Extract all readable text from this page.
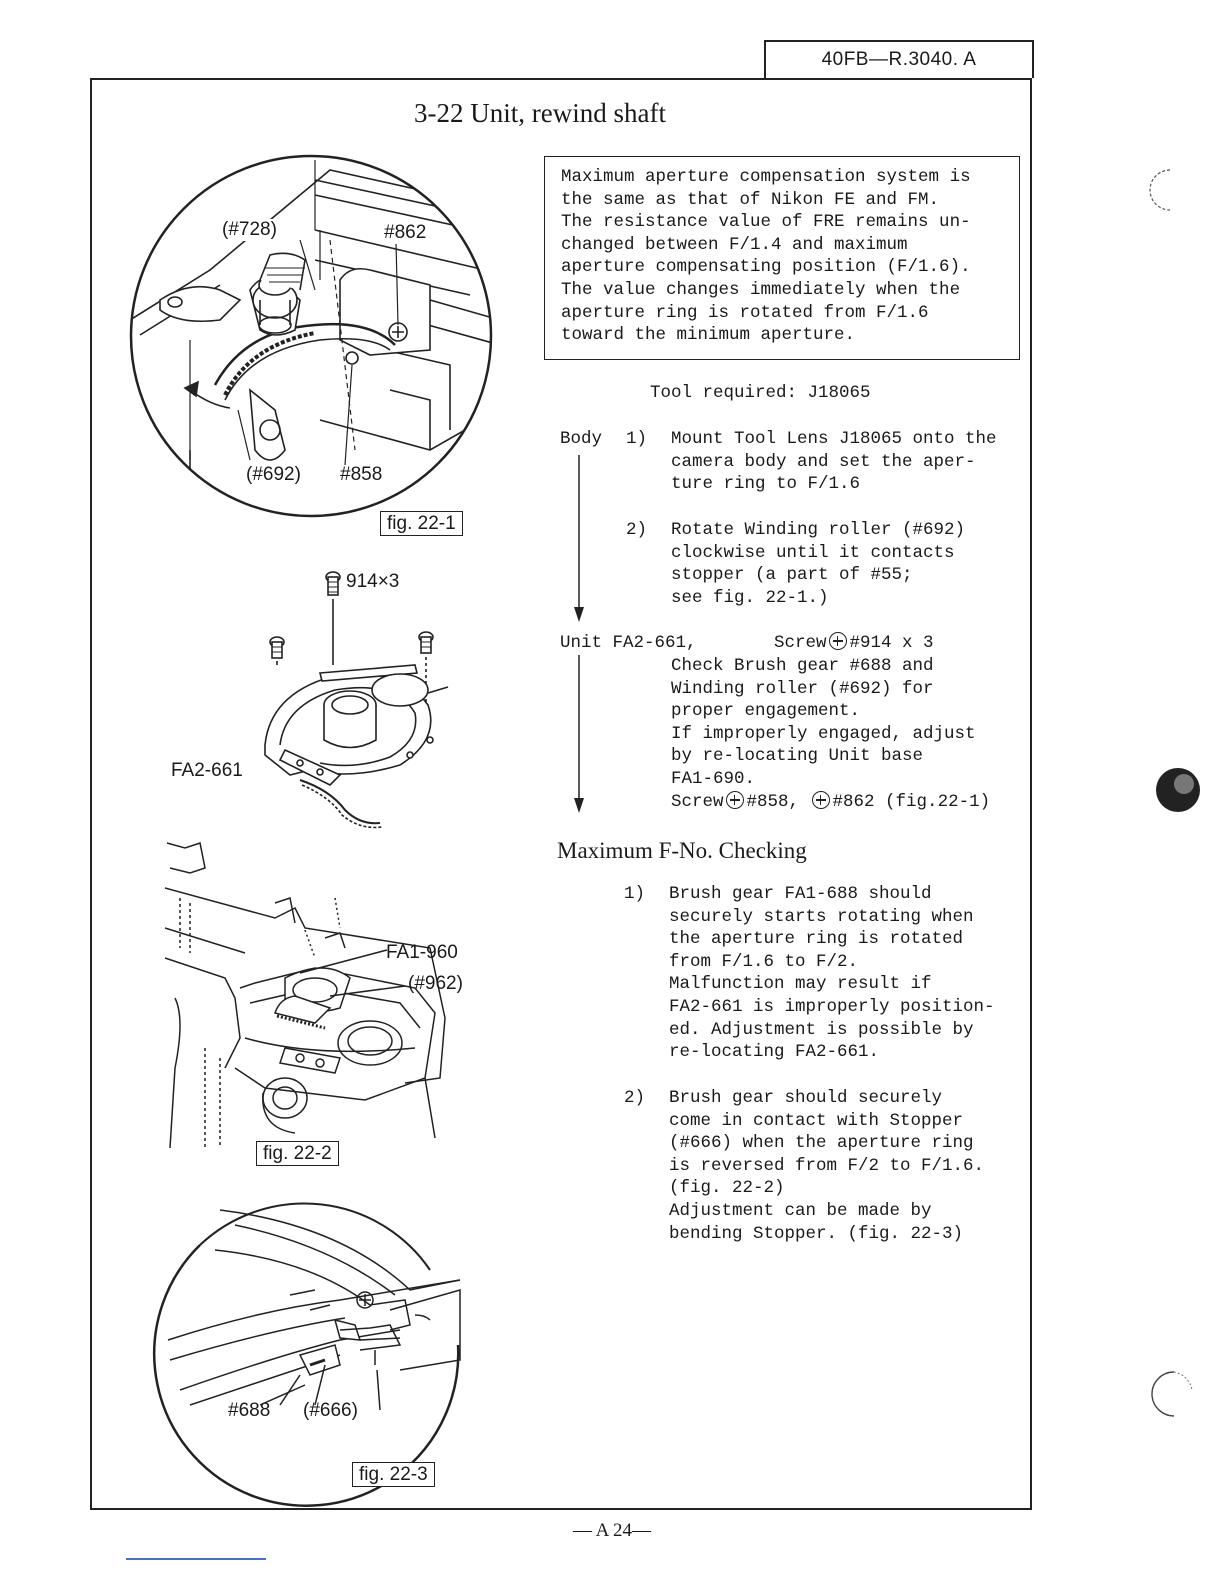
40FB—R.3040. A
3-22 Unit, rewind shaft
Maximum aperture compensation system is
the same as that of Nikon FE and FM.
The resistance value of FRE remains un-
changed between F/1.4 and maximum
aperture compensating position (F/1.6).
The value changes immediately when the
aperture ring is rotated from F/1.6
toward the minimum aperture.
Tool required: J18065
Body 1) Mount Tool Lens J18065 onto the
camera body and set the aper-
ture ring to F/1.6
2) Rotate Winding roller (#692)
clockwise until it contacts
stopper (a part of #55;
see fig. 22-1.)
Unit FA2-661,	Screw #914 x 3
Check Brush gear #688 and
Winding roller (#692) for
proper engagement.
If improperly engaged, adjust
by re-locating Unit base
FA1-690.
Screw #858, #862 (fig.22-1)
Maximum F-No. Checking
1) Brush gear FA1-688 should
securely starts rotating when
the aperture ring is rotated
from F/1.6 to F/2.
Malfunction may result if
FA2-661 is improperly position-
ed. Adjustment is possible by
re-locating FA2-661.
2) Brush gear should securely
come in contact with Stopper
(#666) when the aperture ring
is reversed from F/2 to F/1.6.
(fig. 22-2)
Adjustment can be made by
bending Stopper. (fig. 22-3)
(#728)	#862
(#692) #858
fig. 22-1
914×3
FA2-661
FA1-960
(#962)
fig. 22-2
#688 (#666)
fig. 22-3
— A 24—
